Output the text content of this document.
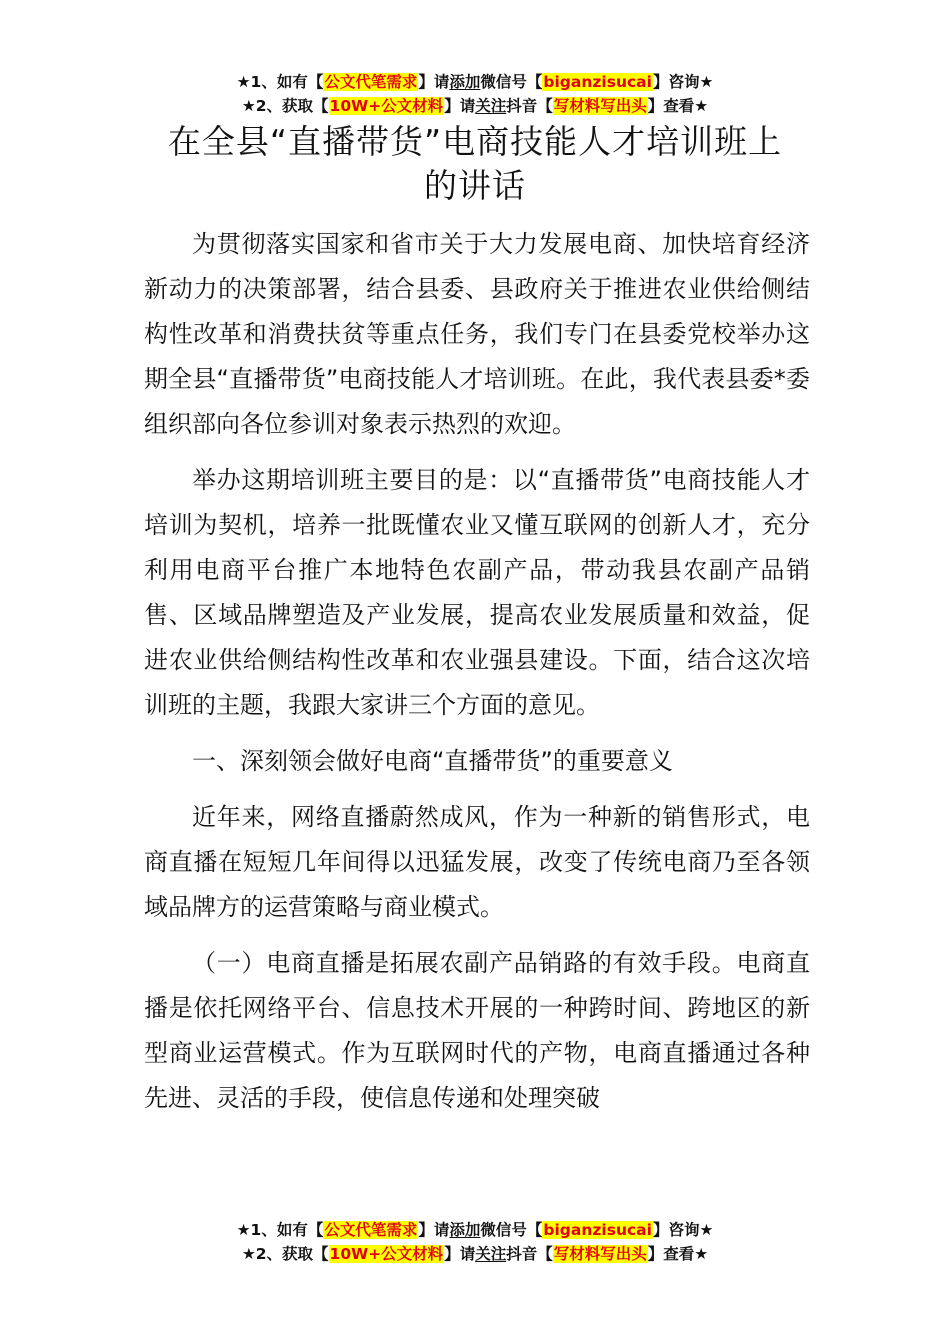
★1、如有【公文代笔需求】请添加微信号【biganzisucai】咨询★
★2、获取【10W+公文材料】请关注抖音【写材料写出头】查看★
在全县“直播带货”电商技能人才培训班上
的讲话

为贯彻落实国家和省市关于大力发展电商、加快培育经济新动力的决策部署，结合县委、县政府关于推进农业供给侧结构性改革和消费扶贫等重点任务，我们专门在县委党校举办这期全县“直播带货”电商技能人才培训班。在此，我代表县委*委组织部向各位参训对象表示热烈的欢迎。

举办这期培训班主要目的是：以“直播带货”电商技能人才培训为契机，培养一批既懂农业又懂互联网的创新人才，充分利用电商平台推广本地特色农副产品，带动我县农副产品销售、区域品牌塑造及产业发展，提高农业发展质量和效益，促进农业供给侧结构性改革和农业强县建设。下面，结合这次培训班的主题，我跟大家讲三个方面的意见。

一、深刻领会做好电商“直播带货”的重要意义

近年来，网络直播蔚然成风，作为一种新的销售形式，电商直播在短短几年间得以迅猛发展，改变了传统电商乃至各领域品牌方的运营策略与商业模式。

（一）电商直播是拓展农副产品销路的有效手段。电商直播是依托网络平台、信息技术开展的一种跨时间、跨地区的新型商业运营模式。作为互联网时代的产物，电商直播通过各种先进、灵活的手段，使信息传递和处理突破

★1、如有【公文代笔需求】请添加微信号【biganzisucai】咨询★
★2、获取【10W+公文材料】请关注抖音【写材料写出头】查看★
